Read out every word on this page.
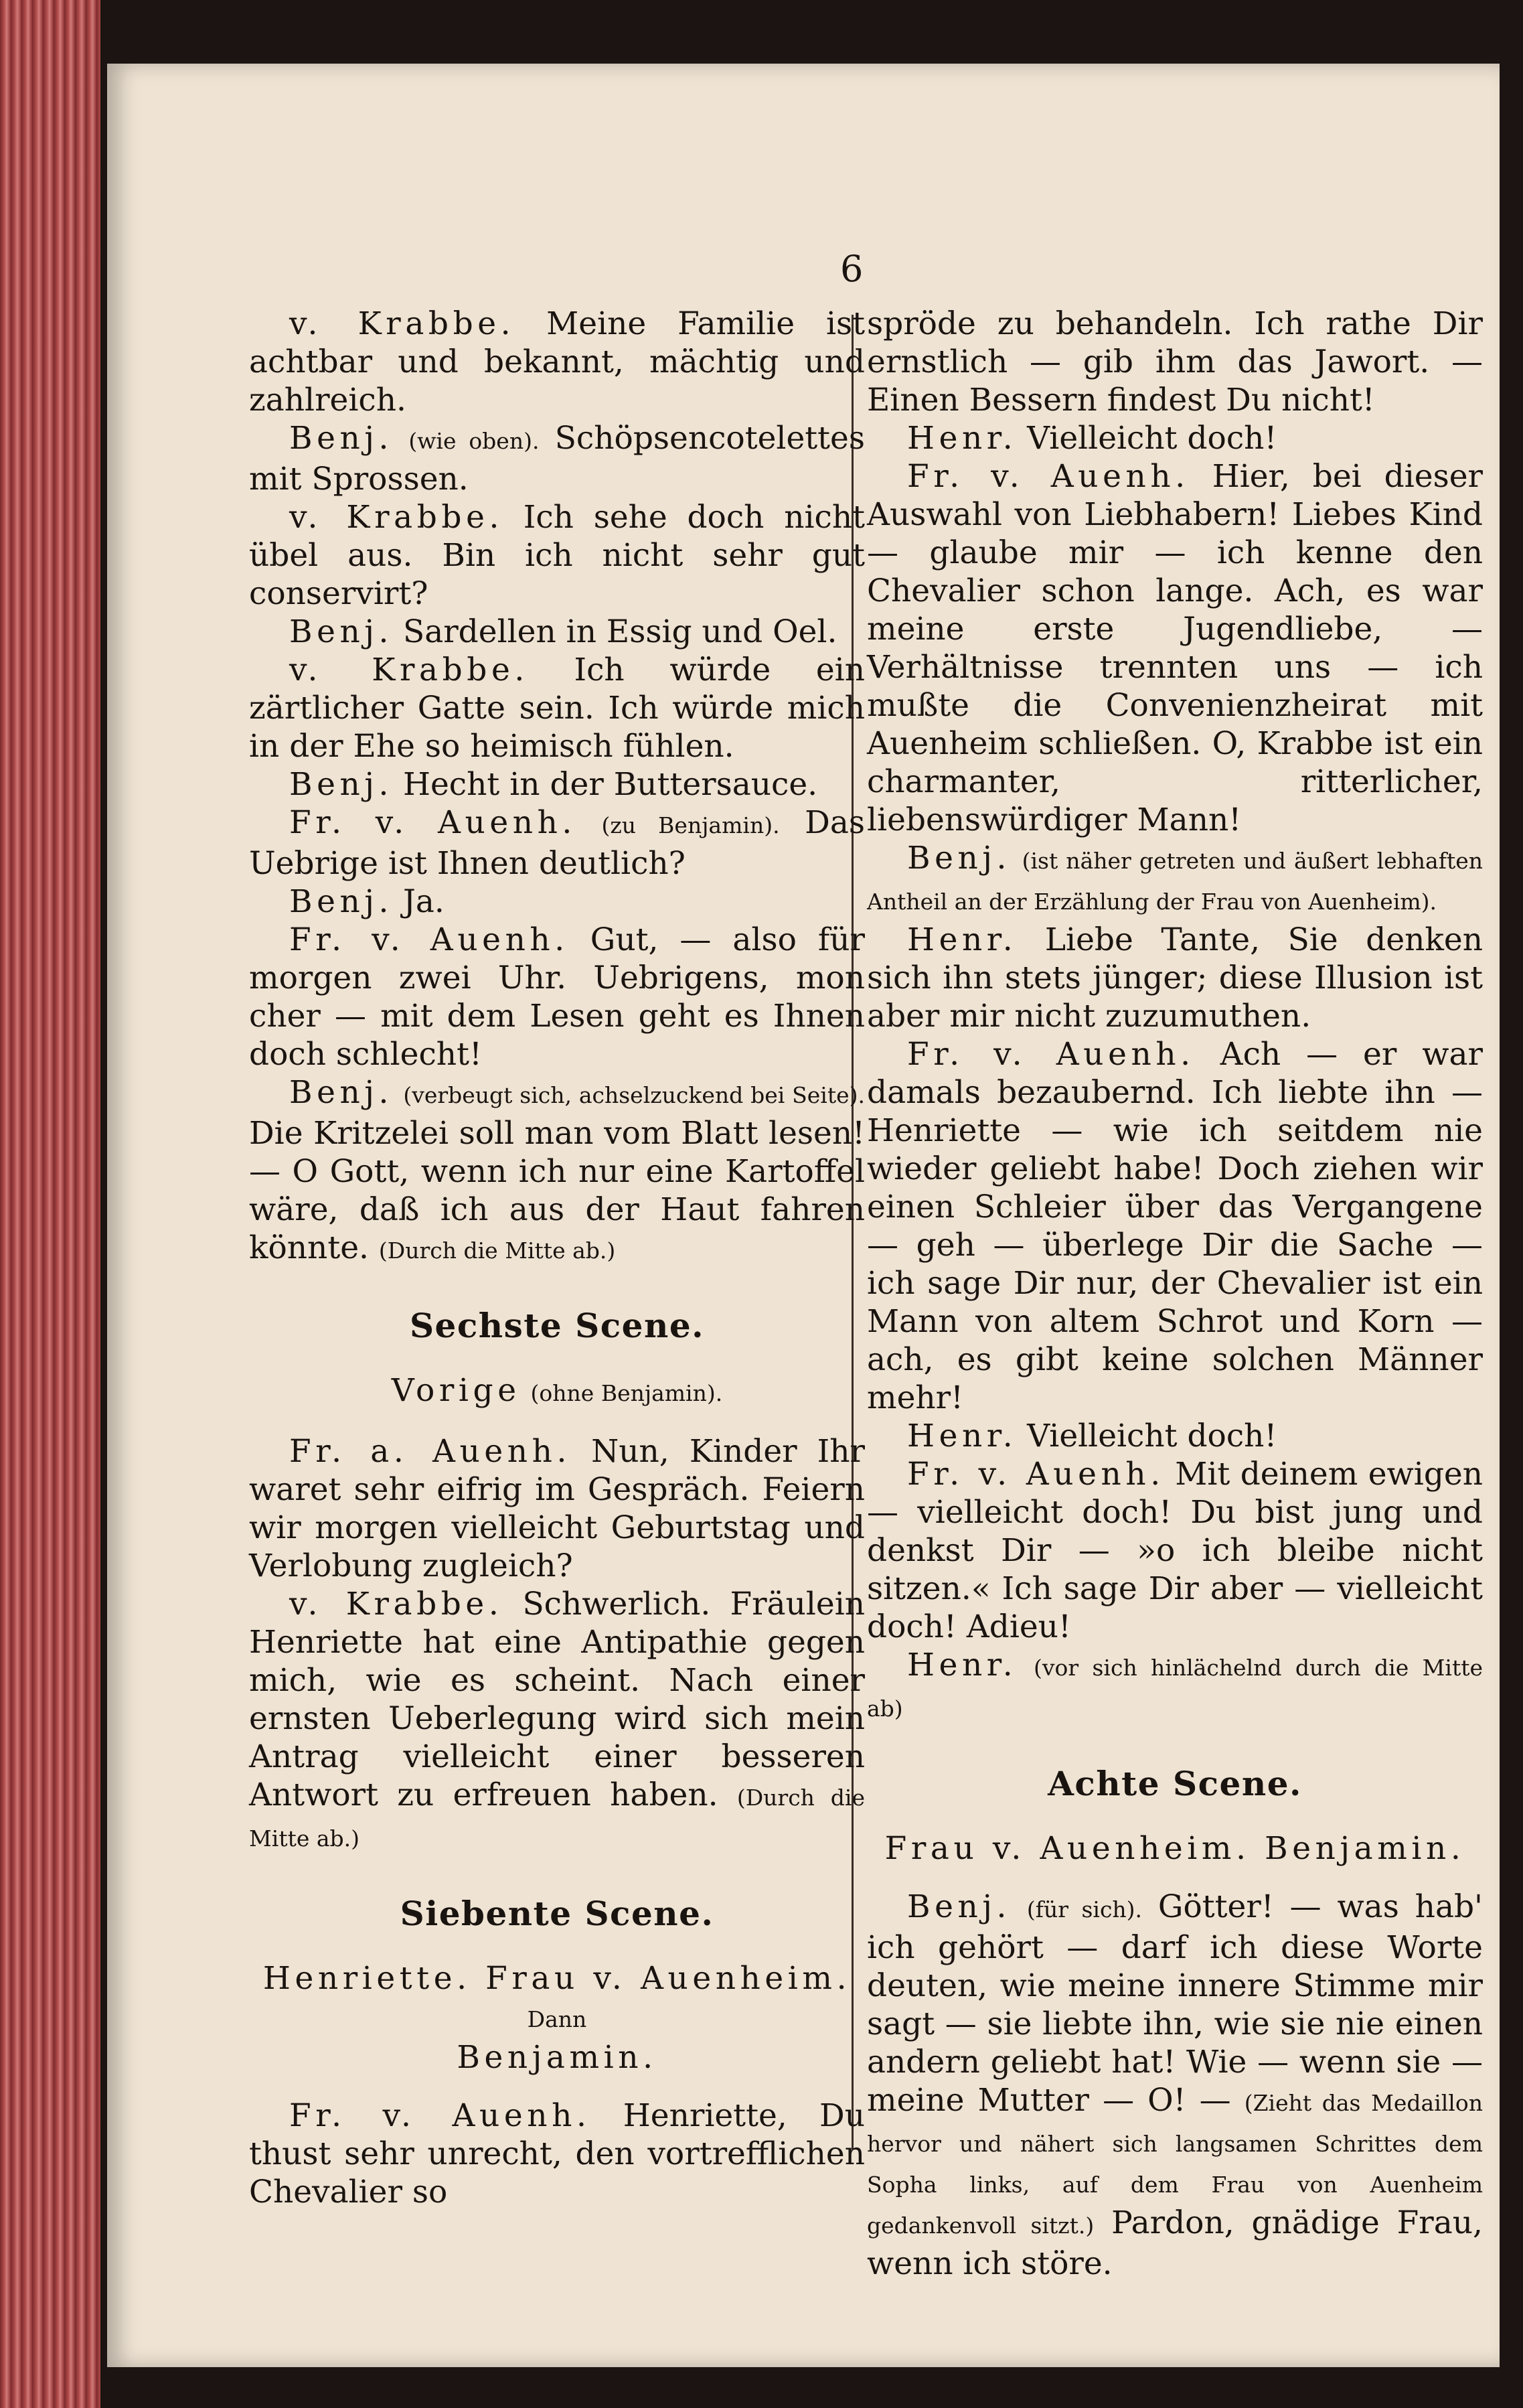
6

v. Krabbe. Meine Familie ist achtbar und bekannt, mächtig und zahlreich.

Benj. (wie oben). Schöpsencotelettes mit Sprossen.

v. Krabbe. Ich sehe doch nicht übel aus. Bin ich nicht sehr gut conservirt?

Benj. Sardellen in Essig und Oel.

v. Krabbe. Ich würde ein zärtlicher Gatte sein. Ich würde mich in der Ehe so heimisch fühlen.

Benj. Hecht in der Buttersauce.

Fr. v. Auenh. (zu Benjamin). Das Uebrige ist Ihnen deutlich?

Benj. Ja.

Fr. v. Auenh. Gut, — also für morgen zwei Uhr. Uebrigens, mon cher — mit dem Lesen geht es Ihnen doch schlecht!

Benj. (verbeugt sich, achselzuckend bei Seite). Die Kritzelei soll man vom Blatt lesen! — O Gott, wenn ich nur eine Kartoffel wäre, daß ich aus der Haut fahren könnte. (Durch die Mitte ab.)

Sechste Scene.

Vorige (ohne Benjamin).

Fr. a. Auenh. Nun, Kinder Ihr waret sehr eifrig im Gespräch. Feiern wir morgen vielleicht Geburtstag und Verlobung zugleich?

v. Krabbe. Schwerlich. Fräulein Henriette hat eine Antipathie gegen mich, wie es scheint. Nach einer ernsten Ueberlegung wird sich mein Antrag vielleicht einer besseren Antwort zu erfreuen haben. (Durch die Mitte ab.)

Siebente Scene.

Henriette. Frau v. Auenheim. Dann
Benjamin.

Fr. v. Auenh. Henriette, Du thust sehr unrecht, den vortrefflichen Chevalier so

spröde zu behandeln. Ich rathe Dir ernstlich — gib ihm das Jawort. — Einen Bessern findest Du nicht!

Henr. Vielleicht doch!

Fr. v. Auenh. Hier, bei dieser Auswahl von Liebhabern! Liebes Kind — glaube mir — ich kenne den Chevalier schon lange. Ach, es war meine erste Jugendliebe, — Verhältnisse trennten uns — ich mußte die Convenienzheirat mit Auenheim schließen. O, Krabbe ist ein charmanter, ritterlicher, liebenswürdiger Mann!

Benj. (ist näher getreten und äußert lebhaften Antheil an der Erzählung der Frau von Auenheim).

Henr. Liebe Tante, Sie denken sich ihn stets jünger; diese Illusion ist aber mir nicht zuzumuthen.

Fr. v. Auenh. Ach — er war damals bezaubernd. Ich liebte ihn — Henriette — wie ich seitdem nie wieder geliebt habe! Doch ziehen wir einen Schleier über das Vergangene — geh — überlege Dir die Sache — ich sage Dir nur, der Chevalier ist ein Mann von altem Schrot und Korn — ach, es gibt keine solchen Männer mehr!

Henr. Vielleicht doch!

Fr. v. Auenh. Mit deinem ewigen — vielleicht doch! Du bist jung und denkst Dir — »o ich bleibe nicht sitzen.« Ich sage Dir aber — vielleicht doch! Adieu!

Henr. (vor sich hinlächelnd durch die Mitte ab)

Achte Scene.

Frau v. Auenheim. Benjamin.

Benj. (für sich). Götter! — was hab' ich gehört — darf ich diese Worte deuten, wie meine innere Stimme mir sagt — sie liebte ihn, wie sie nie einen andern geliebt hat! Wie — wenn sie — meine Mutter — O! — (Zieht das Medaillon hervor und nähert sich langsamen Schrittes dem Sopha links, auf dem Frau von Auenheim gedankenvoll sitzt.) Pardon, gnädige Frau, wenn ich störe.
